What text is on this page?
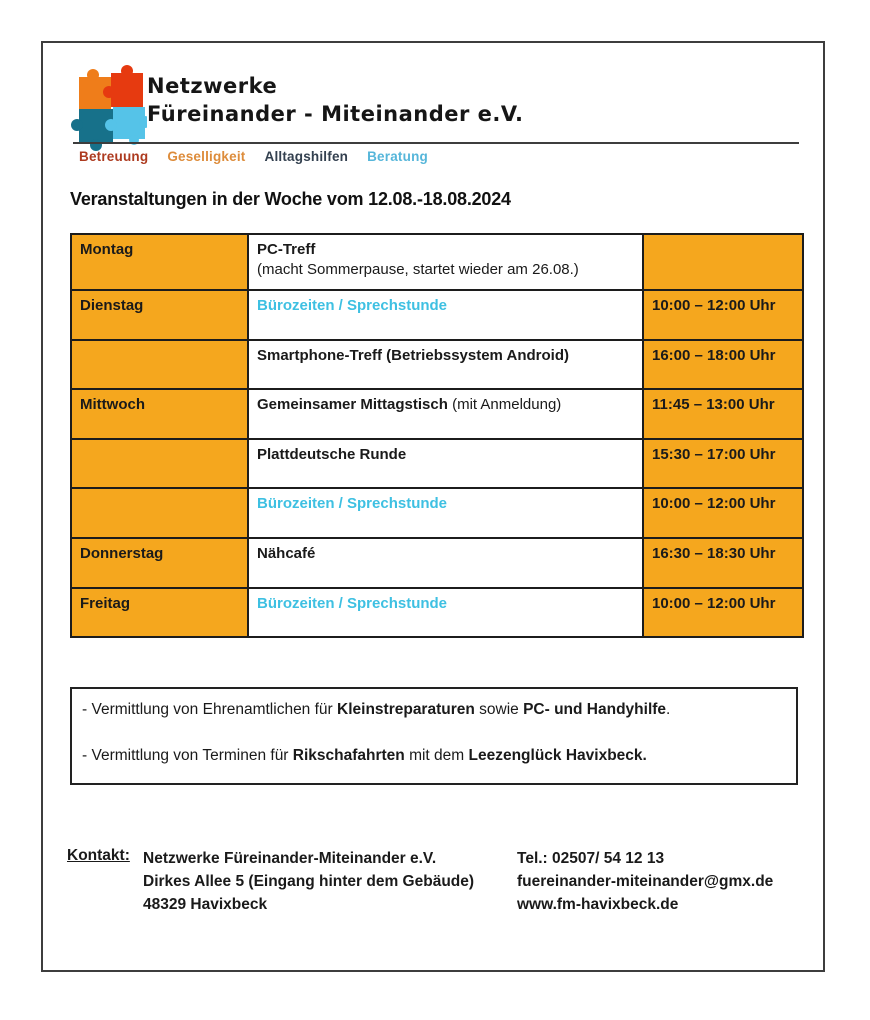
Netzwerke
Füreinander - Miteinander e.V.
Betreuung Geselligkeit Alltagshilfen Beratung
Veranstaltungen in der Woche vom 12.08.-18.08.2024
Montag	PC-Treff
(macht Sommerpause, startet wieder am 26.08.)	

Dienstag	Bürozeiten / Sprechstunde	10:00 – 12:00 Uhr
	Smartphone-Treff (Betriebssystem Android)	16:00 – 18:00 Uhr
Mittwoch	Gemeinsamer Mittagstisch (mit Anmeldung)	11:45 – 13:00 Uhr
	Plattdeutsche Runde	15:30 – 17:00 Uhr
	Bürozeiten / Sprechstunde	10:00 – 12:00 Uhr
Donnerstag	Nähcafé	16:30 – 18:30 Uhr
Freitag	Bürozeiten / Sprechstunde	10:00 – 12:00 Uhr

- Vermittlung von Ehrenamtlichen für Kleinstreparaturen sowie PC- und Handyhilfe.

- Vermittlung von Terminen für Rikschafahrten mit dem Leezenglück Havixbeck.

Kontakt: Netzwerke Füreinander-Miteinander e.V.
Dirkes Allee 5 (Eingang hinter dem Gebäude)
48329 Havixbeck
Tel.: 02507/ 54 12 13
fuereinander-miteinander@gmx.de
www.fm-havixbeck.de
